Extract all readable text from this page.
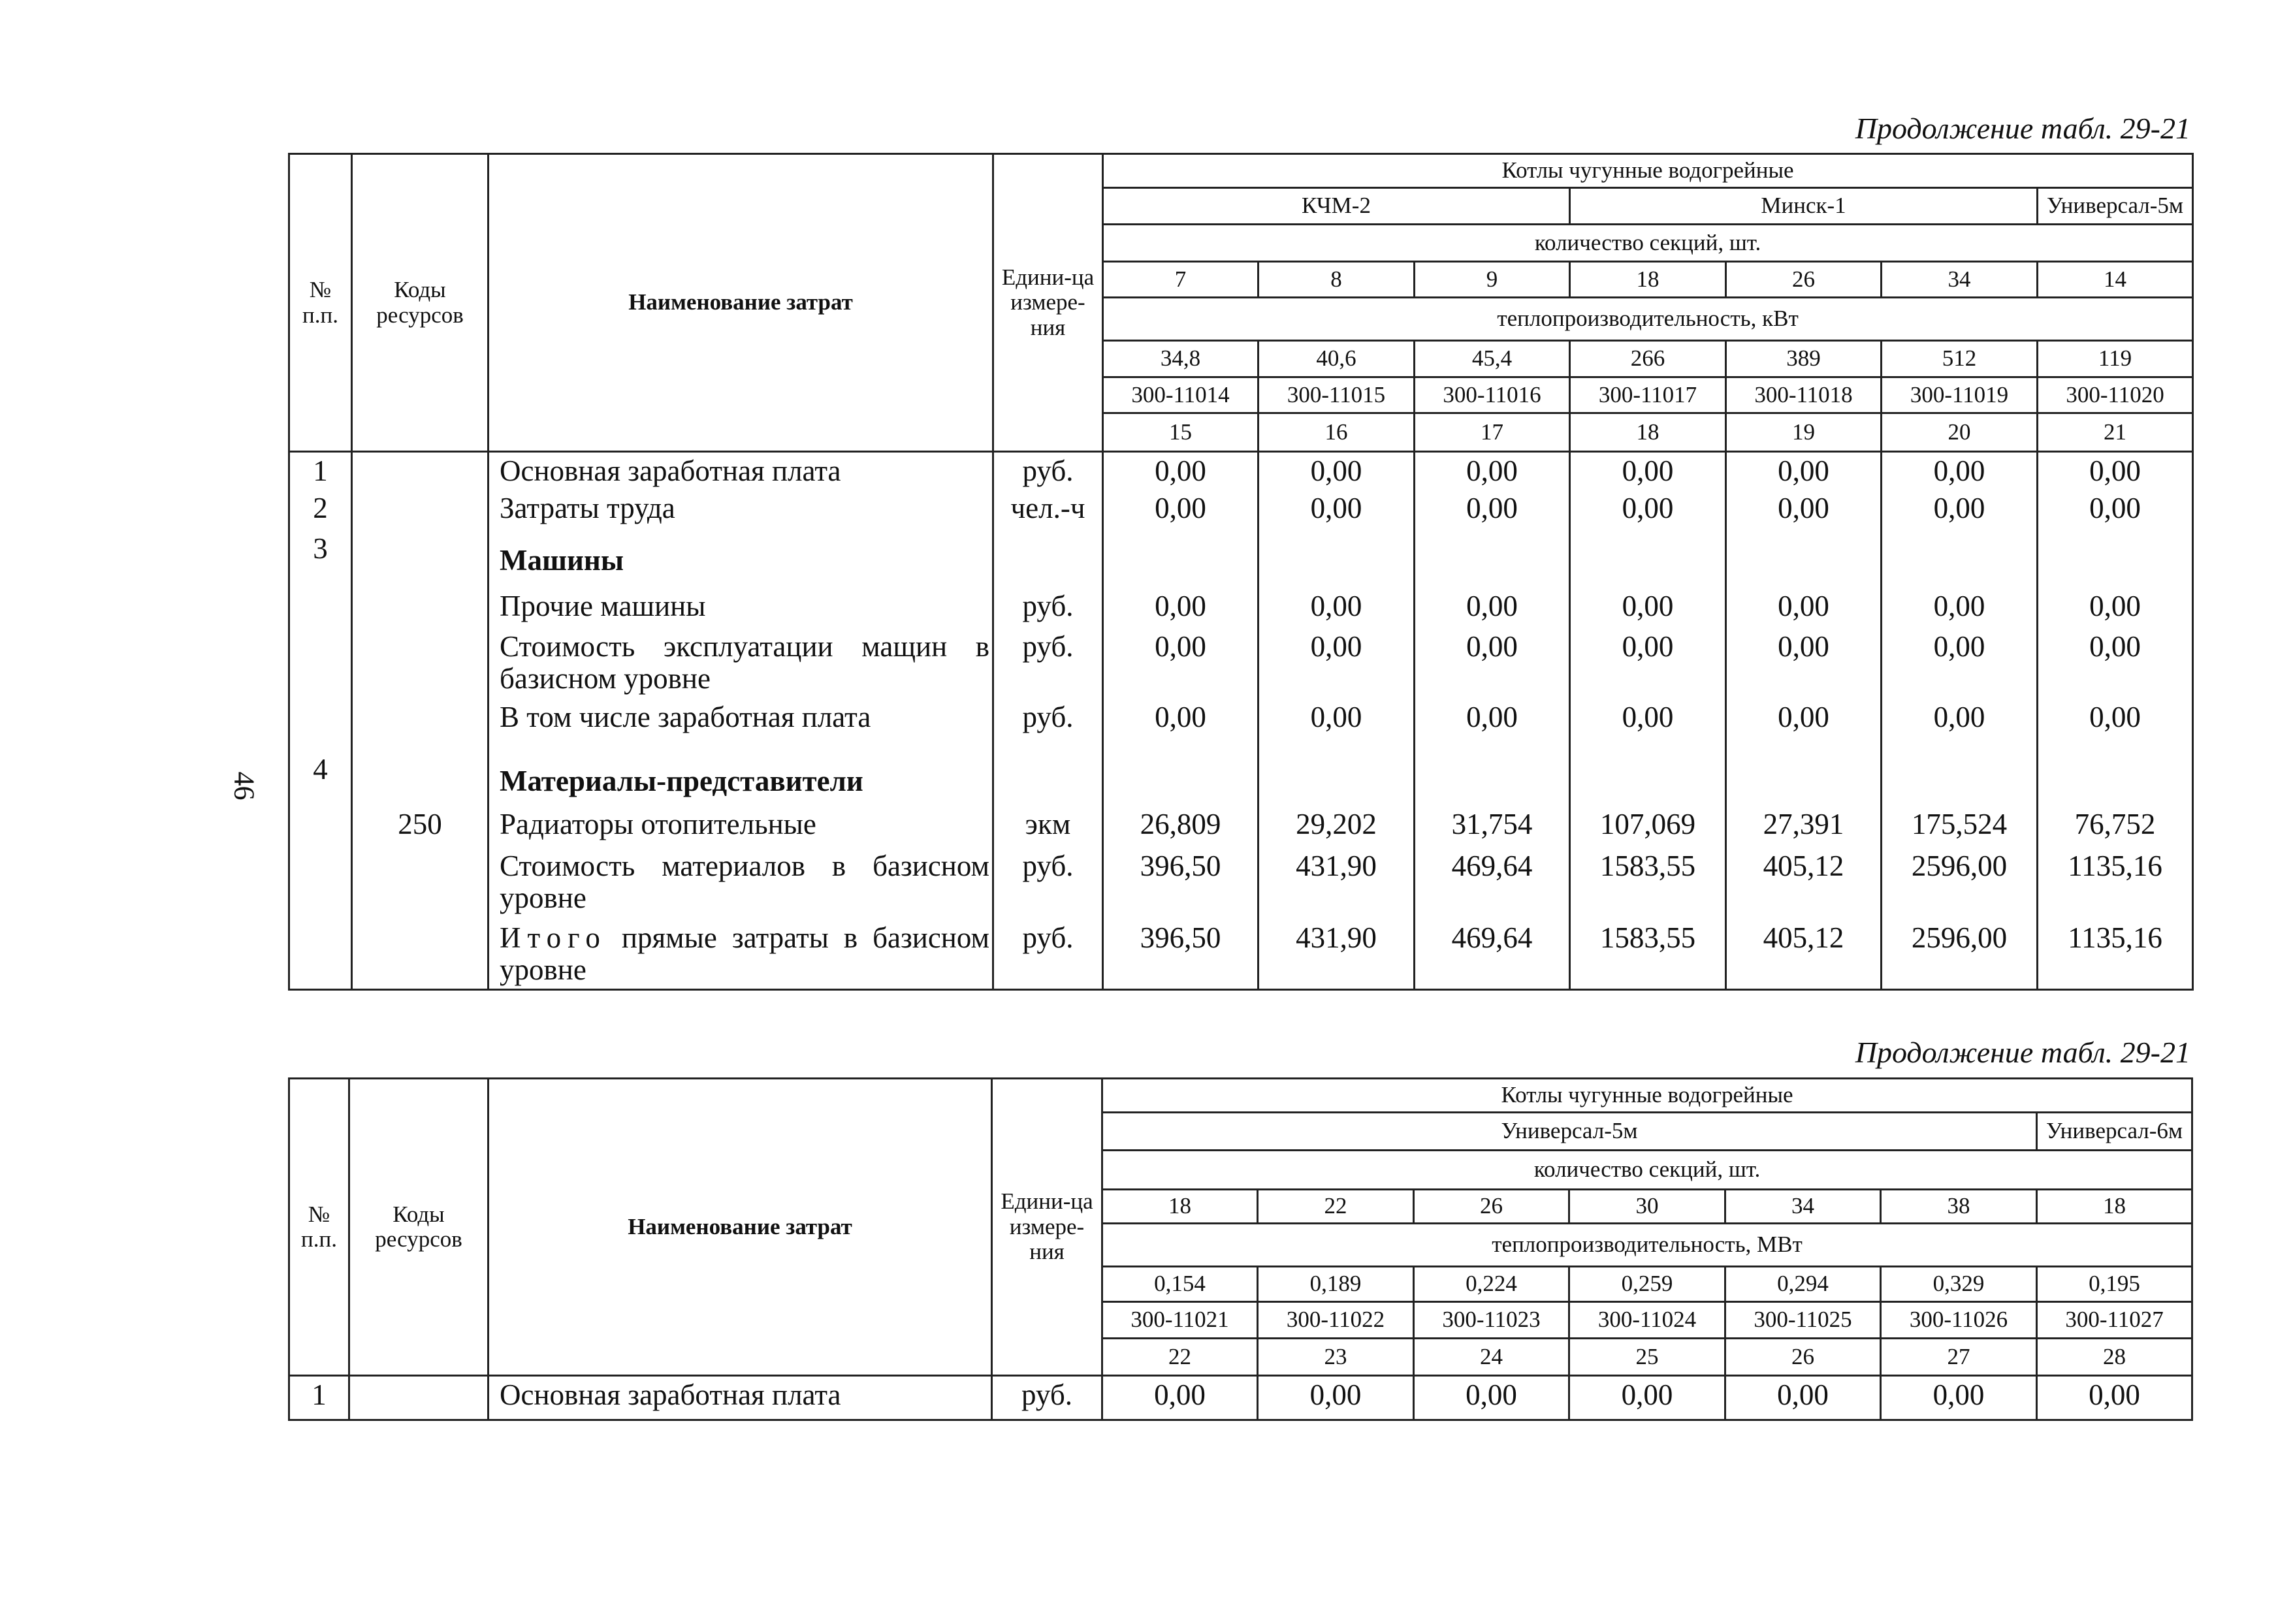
Продолжение табл. 29-21
46
№ п.п.	Коды ресурсов	Наименование затрат	Едини-ца измере-ния	Котлы чугунные водогрейные						
				КЧМ-2			Минск-1			Универсал-5м
				количество секций, шт.						
				7	8	9	18	26	34	14
				теплопроизводительность, кВт						
				34,8	40,6	45,4	266	389	512	119
				300-11014	300-11015	300-11016	300-11017	300-11018	300-11019	300-11020
				15	16	17	18	19	20	21
1		Основная заработная плата	руб.	0,00	0,00	0,00	0,00	0,00	0,00	0,00
2		Затраты труда	чел.-ч	0,00	0,00	0,00	0,00	0,00	0,00	0,00
3		Машины								
		Прочие машины	руб.	0,00	0,00	0,00	0,00	0,00	0,00	0,00
		Стоимость эксплуатации мащин в базисном уровне	руб.	0,00	0,00	0,00	0,00	0,00	0,00	0,00
		В том числе заработная плата	руб.	0,00	0,00	0,00	0,00	0,00	0,00	0,00
4		Материалы-представители								
	250	Радиаторы отопительные	экм	26,809	29,202	31,754	107,069	27,391	175,524	76,752
		Стоимость материалов в базисном уровне	руб.	396,50	431,90	469,64	1583,55	405,12	2596,00	1135,16
		Итого прямые затраты в базисном уровне	руб.	396,50	431,90	469,64	1583,55	405,12	2596,00	1135,16
Продолжение табл. 29-21
№ п.п.	Коды ресурсов	Наименование затрат	Едини-ца измере-ния	Котлы чугунные водогрейные						
				Универсал-5м						Универсал-6м
				количество секций, шт.						
				18	22	26	30	34	38	18
				теплопроизводительность, МВт						
				0,154	0,189	0,224	0,259	0,294	0,329	0,195
				300-11021	300-11022	300-11023	300-11024	300-11025	300-11026	300-11027
				22	23	24	25	26	27	28
1		Основная заработная плата	руб.	0,00	0,00	0,00	0,00	0,00	0,00	0,00
